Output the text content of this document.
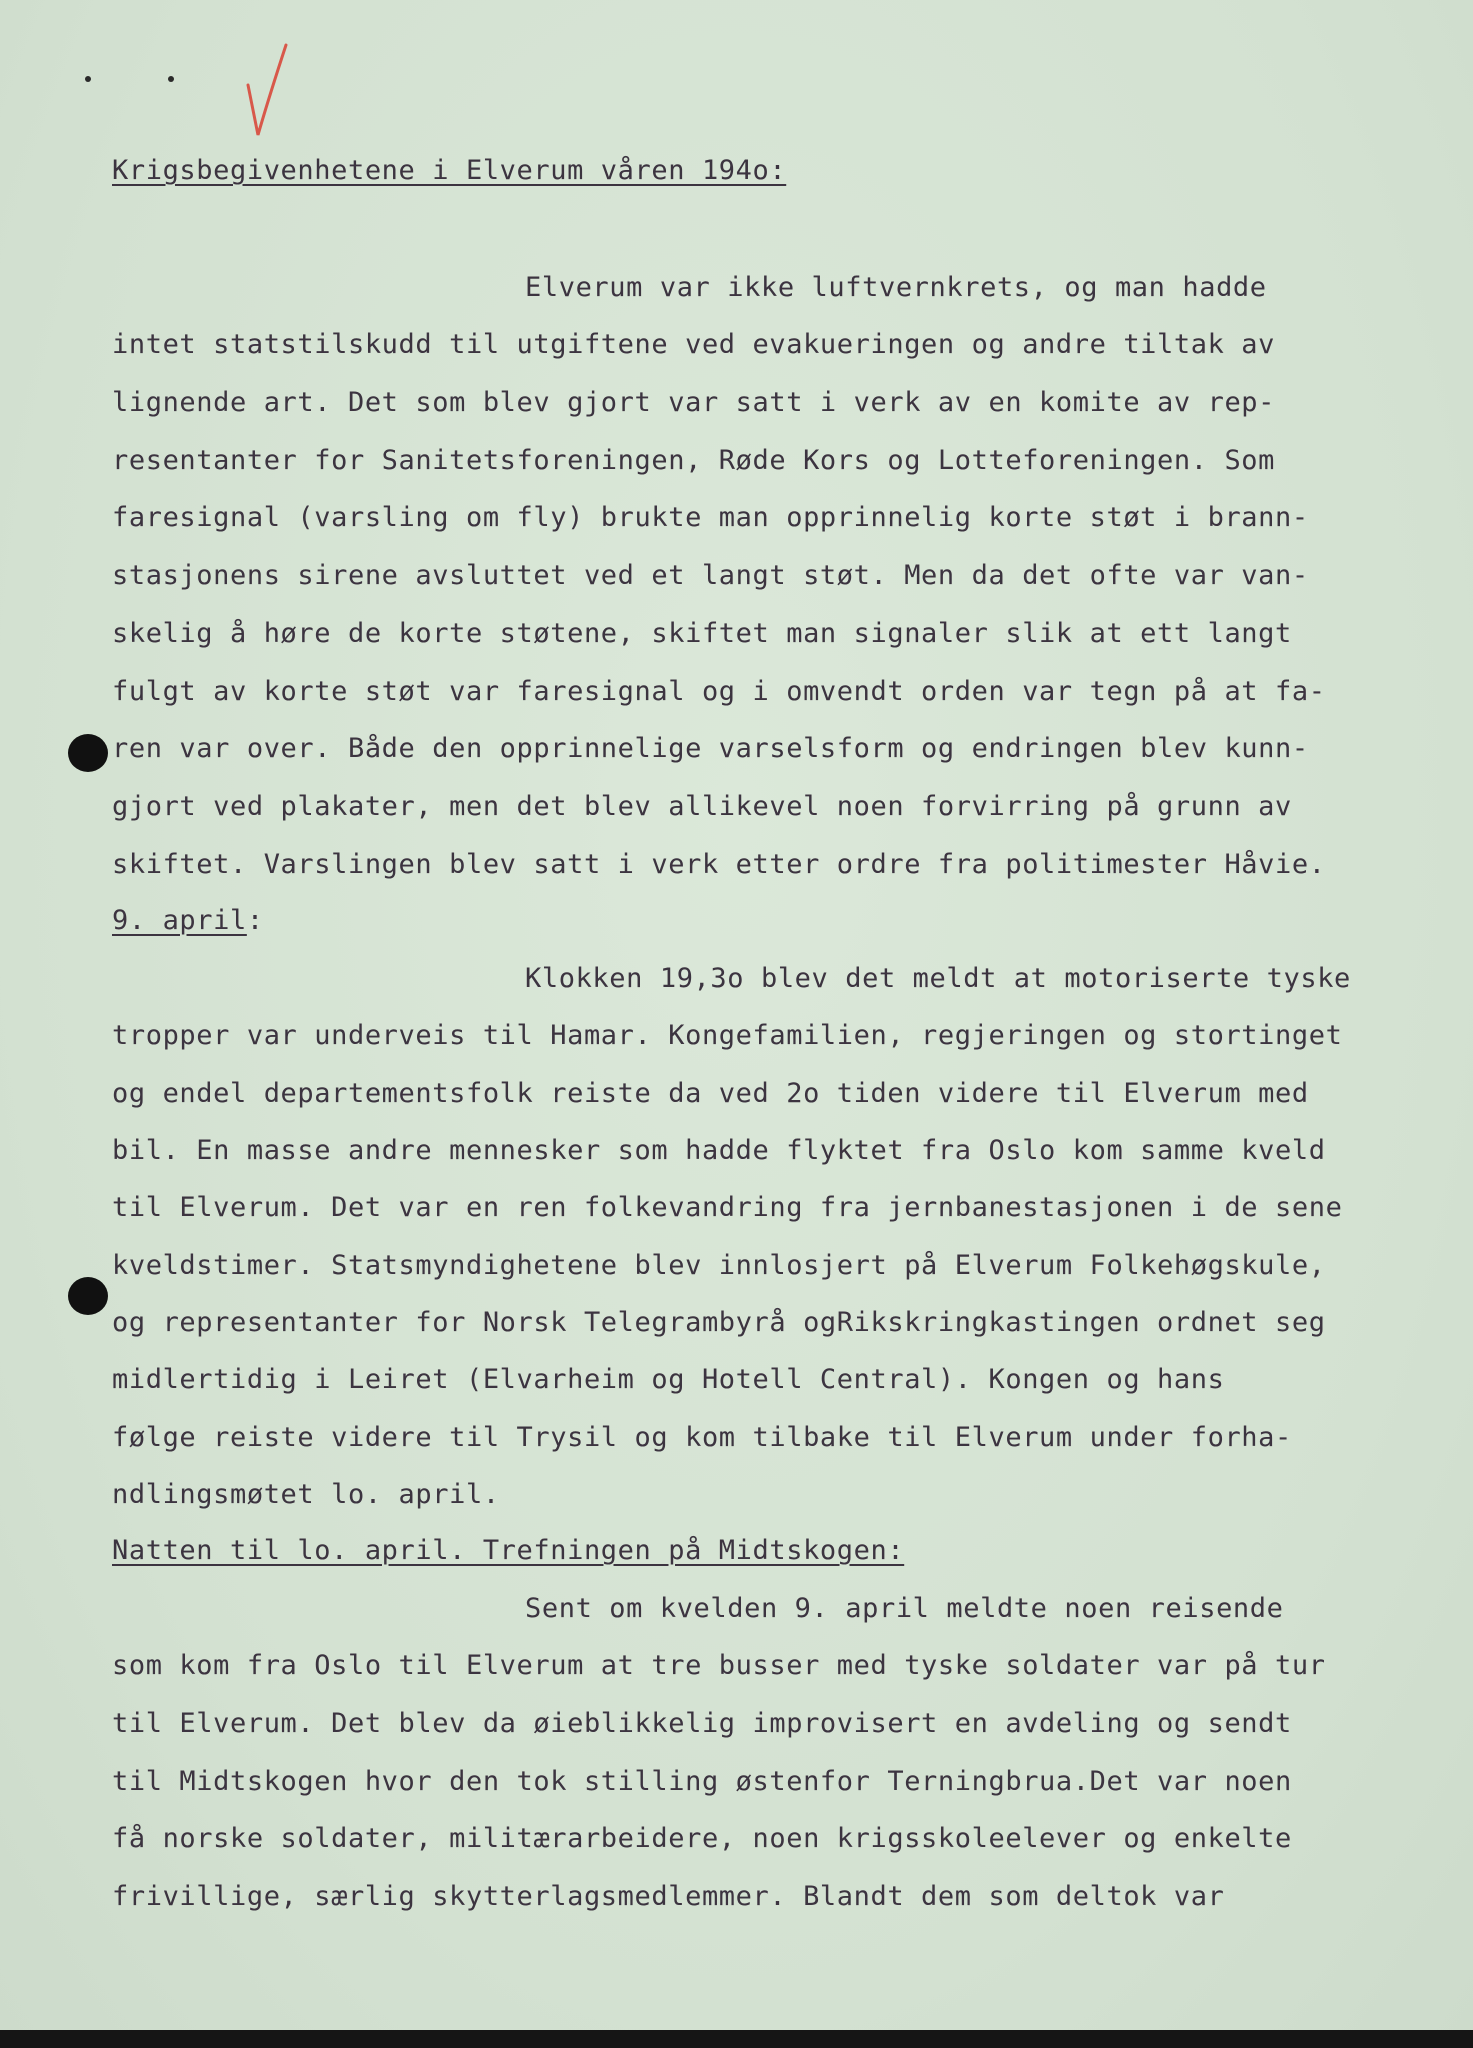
Krigsbegivenhetene i Elverum våren 194o:
Elverum var ikke luftvernkrets, og man hadde
intet statstilskudd til utgiftene ved evakueringen og andre tiltak av
lignende art. Det som blev gjort var satt i verk av en komite av rep-
resentanter for Sanitetsforeningen, Røde Kors og Lotteforeningen. Som
faresignal (varsling om fly) brukte man opprinnelig korte støt i brann-
stasjonens sirene avsluttet ved et langt støt. Men da det ofte var van-
skelig å høre de korte støtene, skiftet man signaler slik at ett langt
fulgt av korte støt var faresignal og i omvendt orden var tegn på at fa-
ren var over. Både den opprinnelige varselsform og endringen blev kunn-
gjort ved plakater, men det blev allikevel noen forvirring på grunn av
skiftet. Varslingen blev satt i verk etter ordre fra politimester Håvie.
9. april:
Klokken 19,3o blev det meldt at motoriserte tyske
tropper var underveis til Hamar. Kongefamilien, regjeringen og stortinget
og endel departementsfolk reiste da ved 2o tiden videre til Elverum med
bil. En masse andre mennesker som hadde flyktet fra Oslo kom samme kveld
til Elverum. Det var en ren folkevandring fra jernbanestasjonen i de sene
kveldstimer. Statsmyndighetene blev innlosjert på Elverum Folkehøgskule,
og representanter for Norsk Telegrambyrå ogRikskringkastingen ordnet seg
midlertidig i Leiret (Elvarheim og Hotell Central). Kongen og hans
følge reiste videre til Trysil og kom tilbake til Elverum under forha-
ndlingsmøtet lo. april.
Natten til lo. april. Trefningen på Midtskogen:
Sent om kvelden 9. april meldte noen reisende
som kom fra Oslo til Elverum at tre busser med tyske soldater var på tur
til Elverum. Det blev da øieblikkelig improvisert en avdeling og sendt
til Midtskogen hvor den tok stilling østenfor Terningbrua.Det var noen
få norske soldater, militærarbeidere, noen krigsskoleelever og enkelte
frivillige, særlig skytterlagsmedlemmer. Blandt dem som deltok var
